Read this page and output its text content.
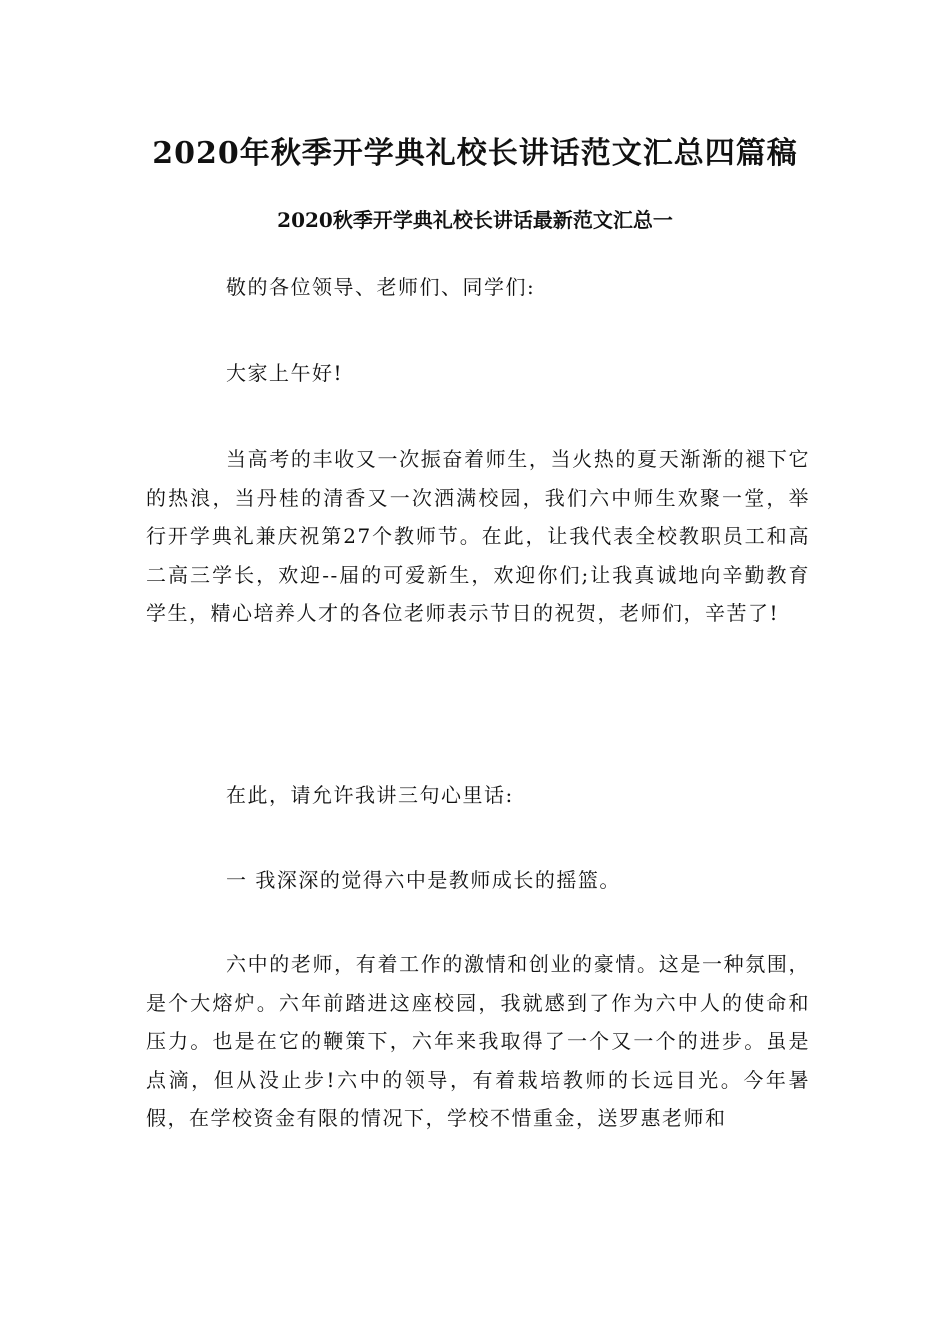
2020年秋季开学典礼校长讲话范文汇总四篇稿
2020秋季开学典礼校长讲话最新范文汇总一

敬的各位领导、老师们、同学们:

大家上午好!

当高考的丰收又一次振奋着师生，当火热的夏天渐渐的褪下它的热浪，当丹桂的清香又一次洒满校园，我们六中师生欢聚一堂，举行开学典礼兼庆祝第27个教师节。在此，让我代表全校教职员工和高二高三学长，欢迎--届的可爱新生，欢迎你们;让我真诚地向辛勤教育学生，精心培养人才的各位老师表示节日的祝贺，老师们，辛苦了!

在此，请允许我讲三句心里话:

一 我深深的觉得六中是教师成长的摇篮。

六中的老师，有着工作的激情和创业的豪情。这是一种氛围，是个大熔炉。六年前踏进这座校园，我就感到了作为六中人的使命和压力。也是在它的鞭策下，六年来我取得了一个又一个的进步。虽是点滴，但从没止步!六中的领导，有着栽培教师的长远目光。今年暑假，在学校资金有限的情况下，学校不惜重金，送罗惠老师和
